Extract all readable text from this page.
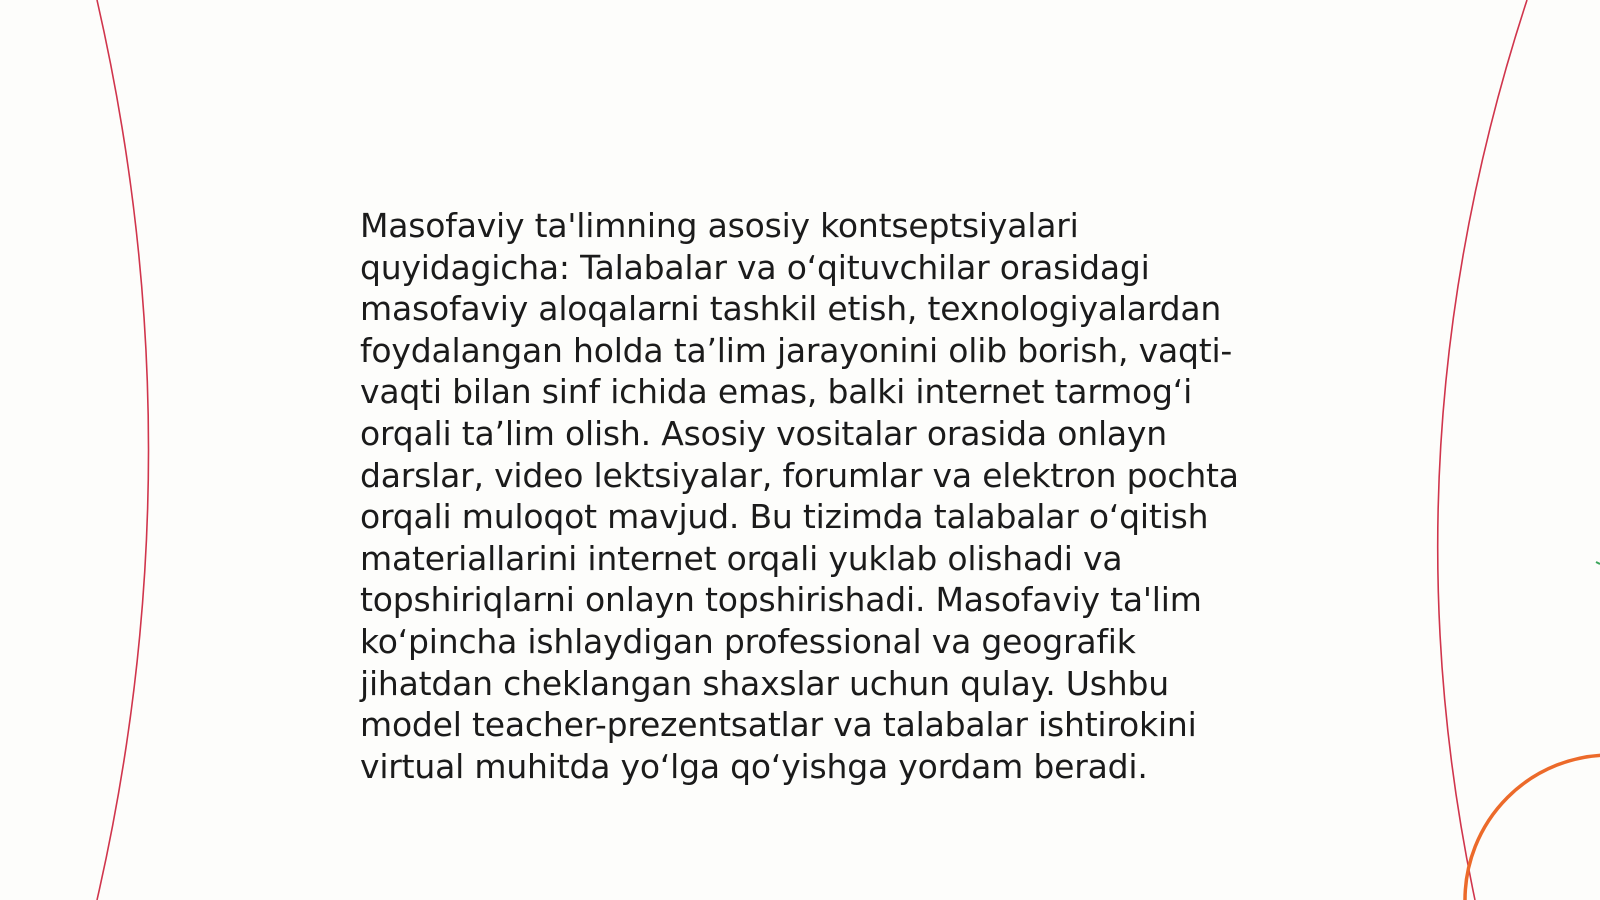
Masofaviy ta'limning asosiy kontseptsiyalari
quyidagicha: Talabalar va oʻqituvchilar orasidagi
masofaviy aloqalarni tashkil etish, texnologiyalardan
foydalangan holda taʼlim jarayonini olib borish, vaqti-
vaqti bilan sinf ichida emas, balki internet tarmogʻi
orqali taʼlim olish. Asosiy vositalar orasida onlayn
darslar, video lektsiyalar, forumlar va elektron pochta
orqali muloqot mavjud. Bu tizimda talabalar oʻqitish
materiallarini internet orqali yuklab olishadi va
topshiriqlarni onlayn topshirishadi. Masofaviy ta'lim
koʻpincha ishlaydigan professional va geografik
jihatdan cheklangan shaxslar uchun qulay. Ushbu
model teacher-prezentsatlar va talabalar ishtirokini
virtual muhitda yoʻlga qoʻyishga yordam beradi.
